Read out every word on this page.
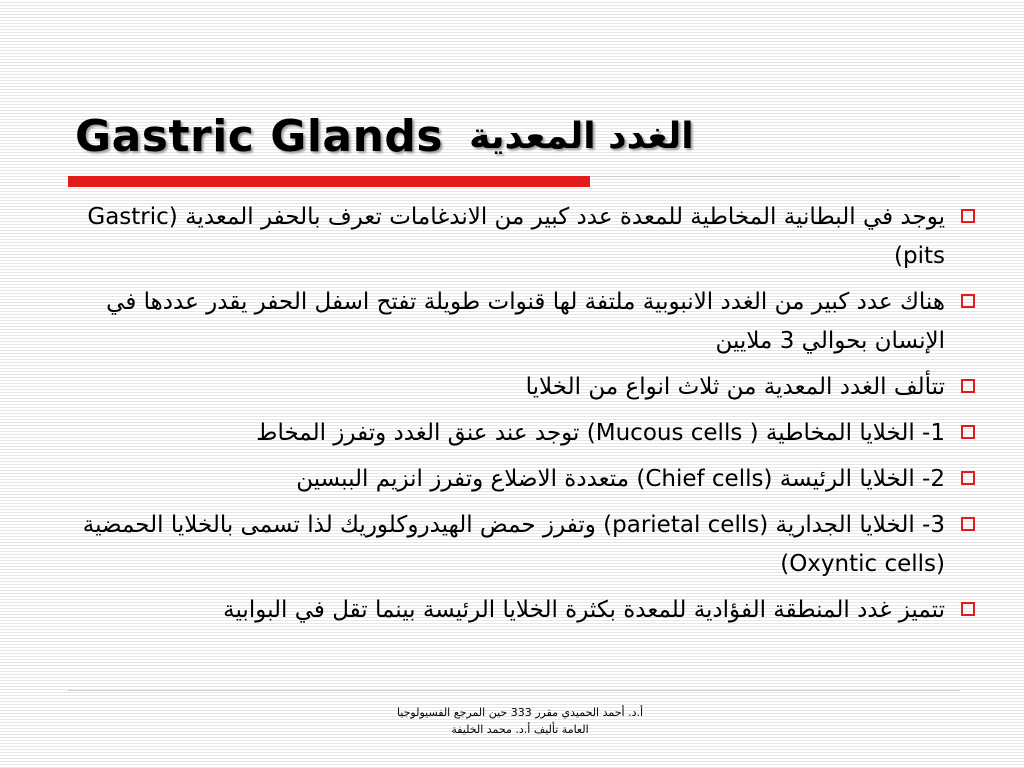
Gastric Glands الغدد المعدية
يوجد في البطانية المخاطية للمعدة عدد كبير من الاندغامات تعرف بالحفر المعدية (Gastric pits)
هناك عدد كبير من الغدد الانبوبية ملتفة لها قنوات طويلة تفتح اسفل الحفر يقدر عددها في الإنسان بحوالي 3 ملايين
تتألف الغدد المعدية من ثلاث انواع من الخلايا
1- الخلايا المخاطية ( Mucous cells) توجد عند عنق الغدد وتفرز المخاط
2- الخلايا الرئيسة (Chief cells) متعددة الاضلاع وتفرز انزيم الببسين
3- الخلايا الجدارية (parietal cells) وتفرز حمض الهيدروكلوريك لذا تسمى بالخلايا الحمضية (Oxyntic cells)
تتميز غدد المنطقة الفؤادية للمعدة بكثرة الخلايا الرئيسة بينما تقل في البوابية
أ.د. أحمد الحميدي مقرر 333 حين المرجع الفسيولوجيا
العامة تأليف أ.د. محمد الخليفة
